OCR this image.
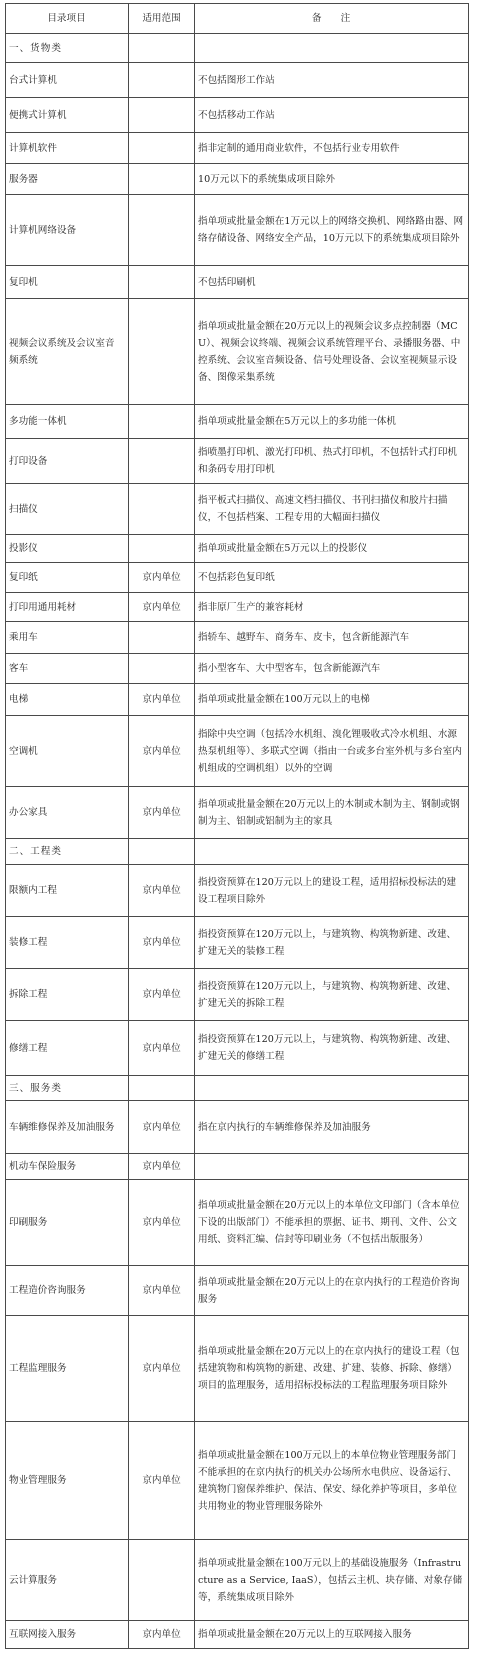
目录项目	适用范围	备　　注
一、货物类		
台式计算机		不包括图形工作站
便携式计算机		不包括移动工作站
计算机软件		指非定制的通用商业软件，不包括行业专用软件
服务器		10万元以下的系统集成项目除外
计算机网络设备		指单项或批量金额在1万元以上的网络交换机、网络路由器、网络存储设备、网络安全产品，10万元以下的系统集成项目除外
复印机		不包括印刷机
视频会议系统及会议室音频系统		指单项或批量金额在20万元以上的视频会议多点控制器（MCU）、视频会议终端、视频会议系统管理平台、录播服务器、中控系统、会议室音频设备、信号处理设备、会议室视频显示设备、图像采集系统
多功能一体机		指单项或批量金额在5万元以上的多功能一体机
打印设备		指喷墨打印机、激光打印机、热式打印机，不包括针式打印机和条码专用打印机
扫描仪		指平板式扫描仪、高速文档扫描仪、书刊扫描仪和胶片扫描仪，不包括档案、工程专用的大幅面扫描仪
投影仪		指单项或批量金额在5万元以上的投影仪
复印纸	京内单位	不包括彩色复印纸
打印用通用耗材	京内单位	指非原厂生产的兼容耗材
乘用车		指轿车、越野车、商务车、皮卡，包含新能源汽车
客车		指小型客车、大中型客车，包含新能源汽车
电梯	京内单位	指单项或批量金额在100万元以上的电梯
空调机	京内单位	指除中央空调（包括冷水机组、溴化锂吸收式冷水机组、水源热泵机组等）、多联式空调（指由一台或多台室外机与多台室内机组成的空调机组）以外的空调
办公家具	京内单位	指单项或批量金额在20万元以上的木制或木制为主、钢制或钢制为主、铝制或铝制为主的家具
二、工程类		
限额内工程	京内单位	指投资预算在120万元以上的建设工程，适用招标投标法的建设工程项目除外
装修工程	京内单位	指投资预算在120万元以上，与建筑物、构筑物新建、改建、扩建无关的装修工程
拆除工程	京内单位	指投资预算在120万元以上，与建筑物、构筑物新建、改建、扩建无关的拆除工程
修缮工程	京内单位	指投资预算在120万元以上，与建筑物、构筑物新建、改建、扩建无关的修缮工程
三、服务类		
车辆维修保养及加油服务	京内单位	指在京内执行的车辆维修保养及加油服务
机动车保险服务	京内单位	
印刷服务	京内单位	指单项或批量金额在20万元以上的本单位文印部门（含本单位下设的出版部门）不能承担的票据、证书、期刊、文件、公文用纸、资料汇编、信封等印刷业务（不包括出版服务）
工程造价咨询服务	京内单位	指单项或批量金额在20万元以上的在京内执行的工程造价咨询服务
工程监理服务	京内单位	指单项或批量金额在20万元以上的在京内执行的建设工程（包括建筑物和构筑物的新建、改建、扩建、装修、拆除、修缮）项目的监理服务，适用招标投标法的工程监理服务项目除外
物业管理服务	京内单位	指单项或批量金额在100万元以上的本单位物业管理服务部门不能承担的在京内执行的机关办公场所水电供应、设备运行、建筑物门窗保养维护、保洁、保安、绿化养护等项目，多单位共用物业的物业管理服务除外
云计算服务		指单项或批量金额在100万元以上的基础设施服务（Infrastructure as a Service, IaaS），包括云主机、块存储、对象存储等，系统集成项目除外
互联网接入服务	京内单位	指单项或批量金额在20万元以上的互联网接入服务
